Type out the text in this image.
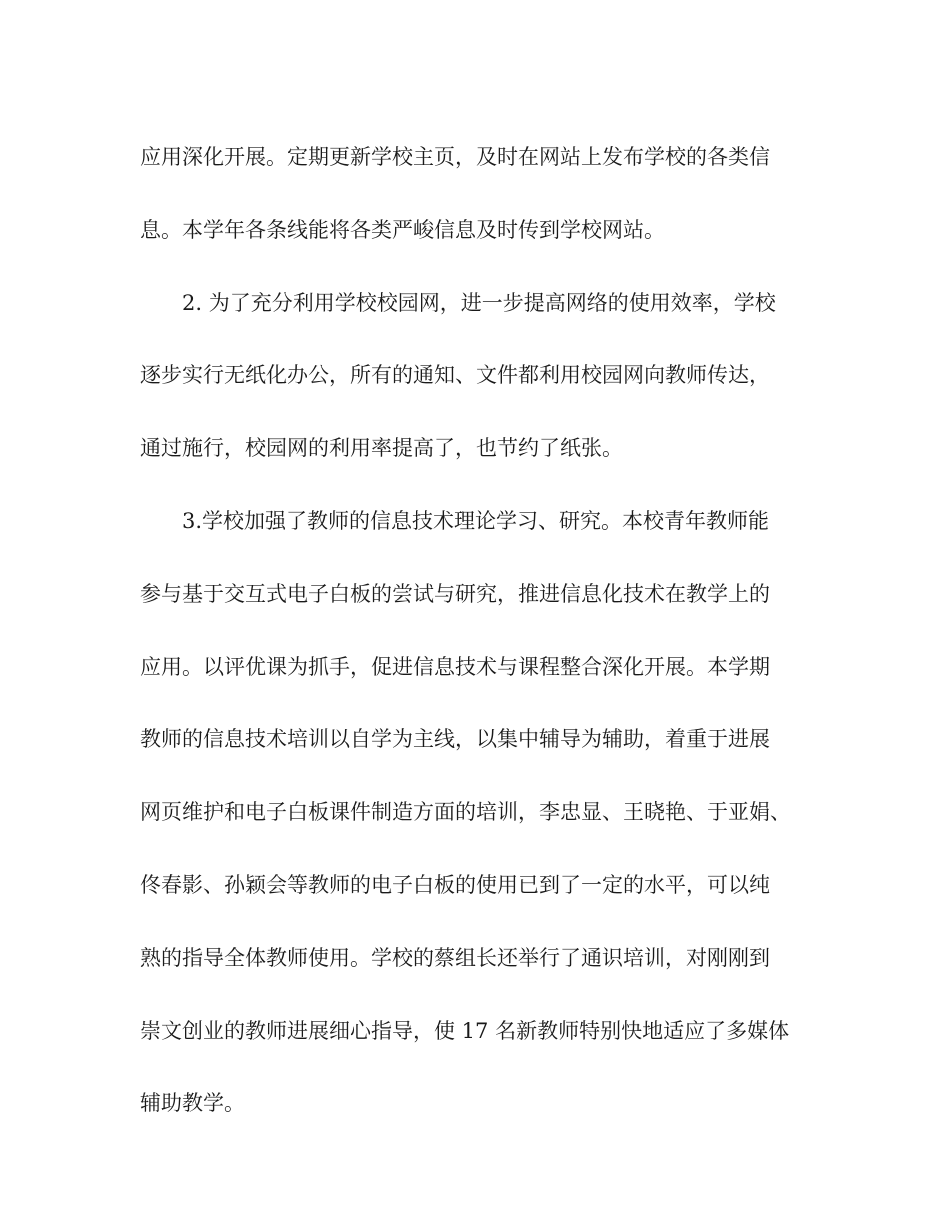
应用深化开展。定期更新学校主页，及时在网站上发布学校的各类信
息。本学年各条线能将各类严峻信息及时传到学校网站。
2. 为了充分利用学校校园网，进一步提高网络的使用效率，学校
逐步实行无纸化办公，所有的通知、文件都利用校园网向教师传达，
通过施行，校园网的利用率提高了，也节约了纸张。
3.学校加强了教师的信息技术理论学习、研究。本校青年教师能
参与基于交互式电子白板的尝试与研究，推进信息化技术在教学上的
应用。以评优课为抓手，促进信息技术与课程整合深化开展。本学期
教师的信息技术培训以自学为主线，以集中辅导为辅助，着重于进展
网页维护和电子白板课件制造方面的培训，李忠显、王晓艳、于亚娟、
佟春影、孙颖会等教师的电子白板的使用已到了一定的水平，可以纯
熟的指导全体教师使用。学校的蔡组长还举行了通识培训，对刚刚到
崇文创业的教师进展细心指导，使 17 名新教师特别快地适应了多媒体
辅助教学。
